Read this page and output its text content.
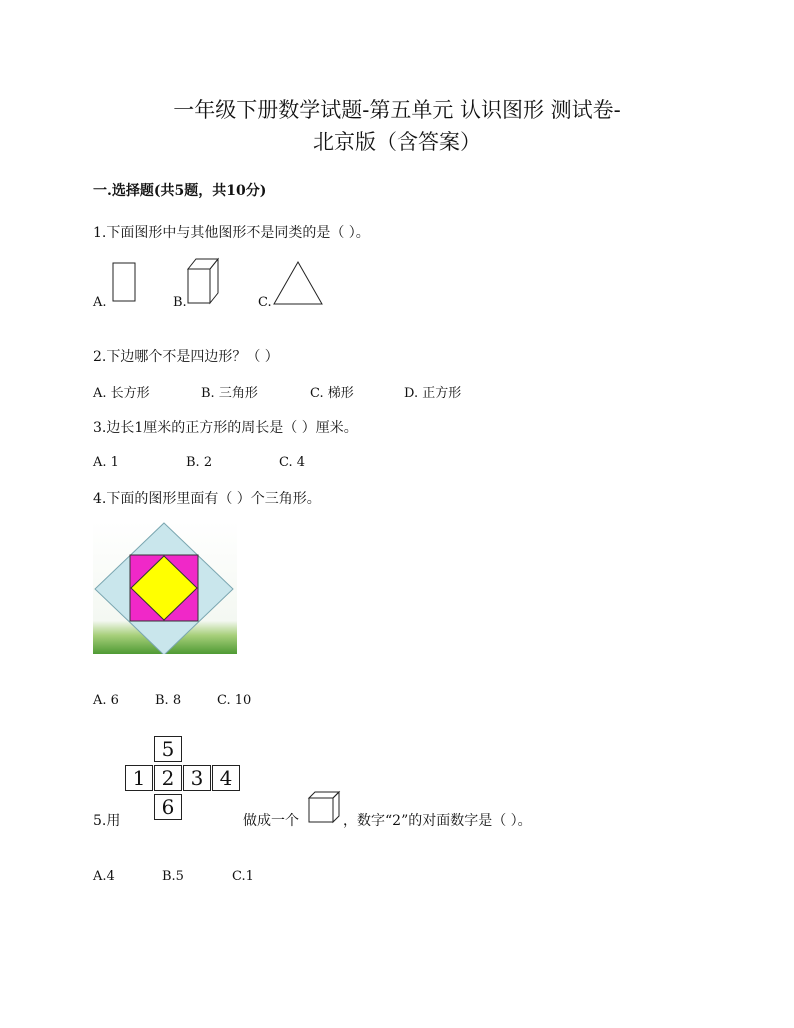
一年级下册数学试题-第五单元 认识图形 测试卷-
北京版（含答案）
一.选择题(共5题，共10分)
1.下面图形中与其他图形不是同类的是（ ）。
A.	B.	C.
2.下边哪个不是四边形？（ ）
A. 长方形	B. 三角形	C. 梯形	D. 正方形
3.边长1厘米的正方形的周长是（ ）厘米。
A. 1	B. 2	C. 4
4.下面的图形里面有（ ）个三角形。
A. 6	B. 8	C. 10
5
1 2 3 4
6
5.用	做成一个	，数字“2”的对面数字是（ ）。
A.4	B.5	C.1
